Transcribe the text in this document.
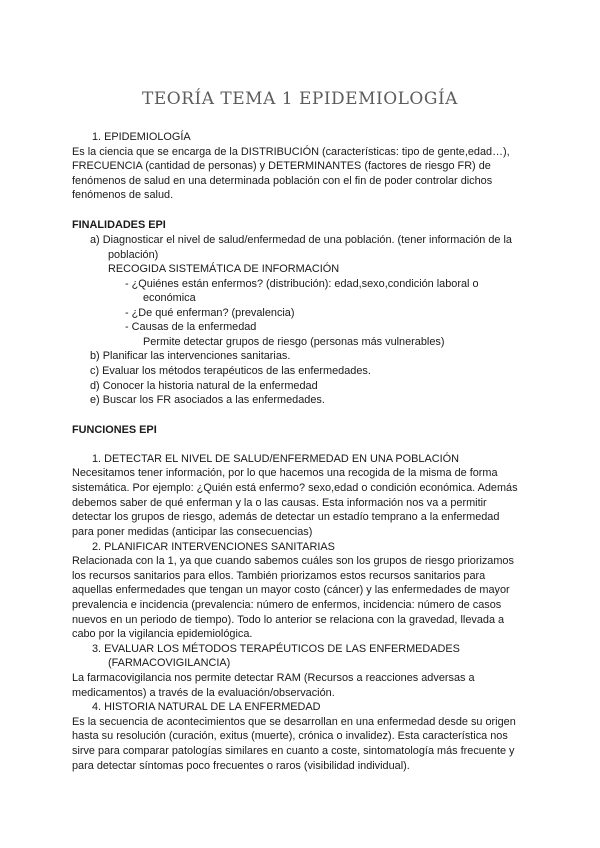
TEORÍA TEMA 1 EPIDEMIOLOGÍA
1. EPIDEMIOLOGÍA
Es la ciencia que se encarga de la DISTRIBUCIÓN (características: tipo de gente,edad…),
FRECUENCIA (cantidad de personas) y DETERMINANTES (factores de riesgo FR) de
fenómenos de salud en una determinada población con el fin de poder controlar dichos
fenómenos de salud.
FINALIDADES EPI
a) Diagnosticar el nivel de salud/enfermedad de una población. (tener información de la
población)
RECOGIDA SISTEMÁTICA DE INFORMACIÓN
- ¿Quiénes están enfermos? (distribución): edad,sexo,condición laboral o
económica
- ¿De qué enferman? (prevalencia)
- Causas de la enfermedad
Permite detectar grupos de riesgo (personas más vulnerables)
b) Planificar las intervenciones sanitarias.
c) Evaluar los métodos terapéuticos de las enfermedades.
d) Conocer la historia natural de la enfermedad
e) Buscar los FR asociados a las enfermedades.
FUNCIONES EPI
1. DETECTAR EL NIVEL DE SALUD/ENFERMEDAD EN UNA POBLACIÓN
Necesitamos tener información, por lo que hacemos una recogida de la misma de forma
sistemática. Por ejemplo: ¿Quién está enfermo? sexo,edad o condición económica. Además
debemos saber de qué enferman y la o las causas. Esta información nos va a permitir
detectar los grupos de riesgo, además de detectar un estadío temprano a la enfermedad
para poner medidas (anticipar las consecuencias)
2. PLANIFICAR INTERVENCIONES SANITARIAS
Relacionada con la 1, ya que cuando sabemos cuáles son los grupos de riesgo priorizamos
los recursos sanitarios para ellos. También priorizamos estos recursos sanitarios para
aquellas enfermedades que tengan un mayor costo (cáncer) y las enfermedades de mayor
prevalencia e incidencia (prevalencia: número de enfermos, incidencia: número de casos
nuevos en un periodo de tiempo). Todo lo anterior se relaciona con la gravedad, llevada a
cabo por la vigilancia epidemiológica.
3. EVALUAR LOS MÉTODOS TERAPÉUTICOS DE LAS ENFERMEDADES
(FARMACOVIGILANCIA)
La farmacovigilancia nos permite detectar RAM (Recursos a reacciones adversas a
medicamentos) a través de la evaluación/observación.
4. HISTORIA NATURAL DE LA ENFERMEDAD
Es la secuencia de acontecimientos que se desarrollan en una enfermedad desde su origen
hasta su resolución (curación, exitus (muerte), crónica o invalidez). Esta característica nos
sirve para comparar patologías similares en cuanto a coste, sintomatología más frecuente y
para detectar síntomas poco frecuentes o raros (visibilidad individual).
